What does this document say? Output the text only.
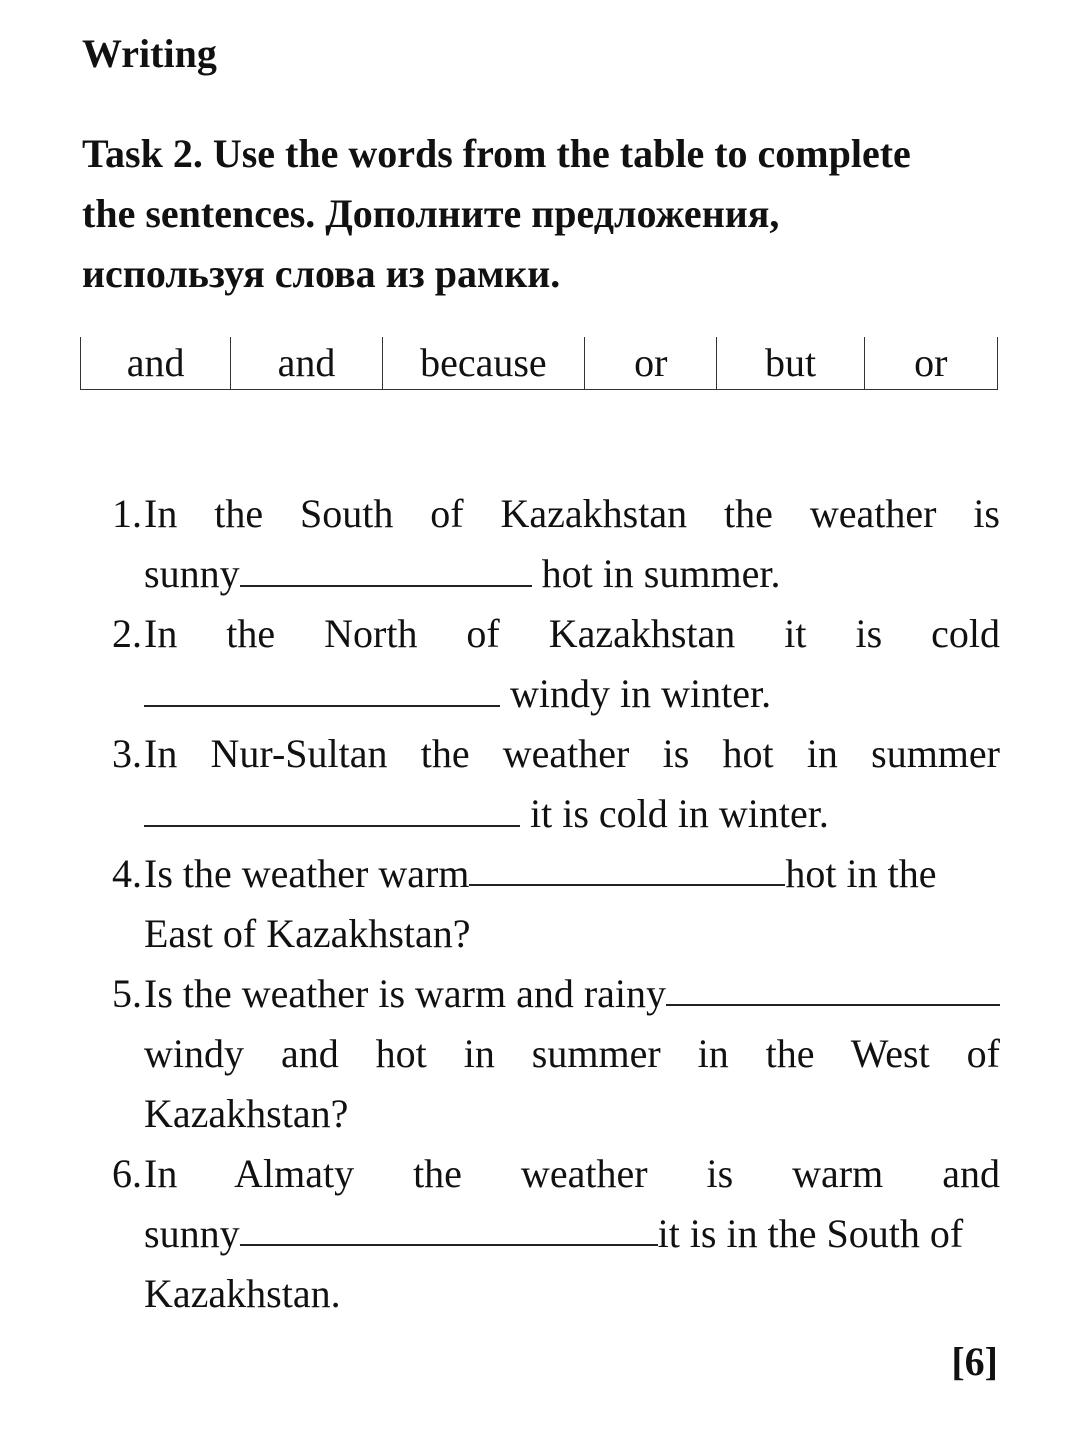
Writing
Task 2. Use the words from the table to complete
the sentences. Дополните предложения,
используя слова из рамки.
and	and	because	or	but	or
1. In the South of Kazakhstan the weather is
sunny	hot in summer.
2. In the North of Kazakhstan it is cold
windy in winter.
3. In Nur-Sultan the weather is hot in summer
it is cold in winter.
4. Is the weather warm	hot in the
East of Kazakhstan?
5. Is the weather is warm and rainy
windy and hot in summer in the West of
Kazakhstan?
6. In Almaty the weather is warm and
sunny	it is in the South of
Kazakhstan.
[6]
